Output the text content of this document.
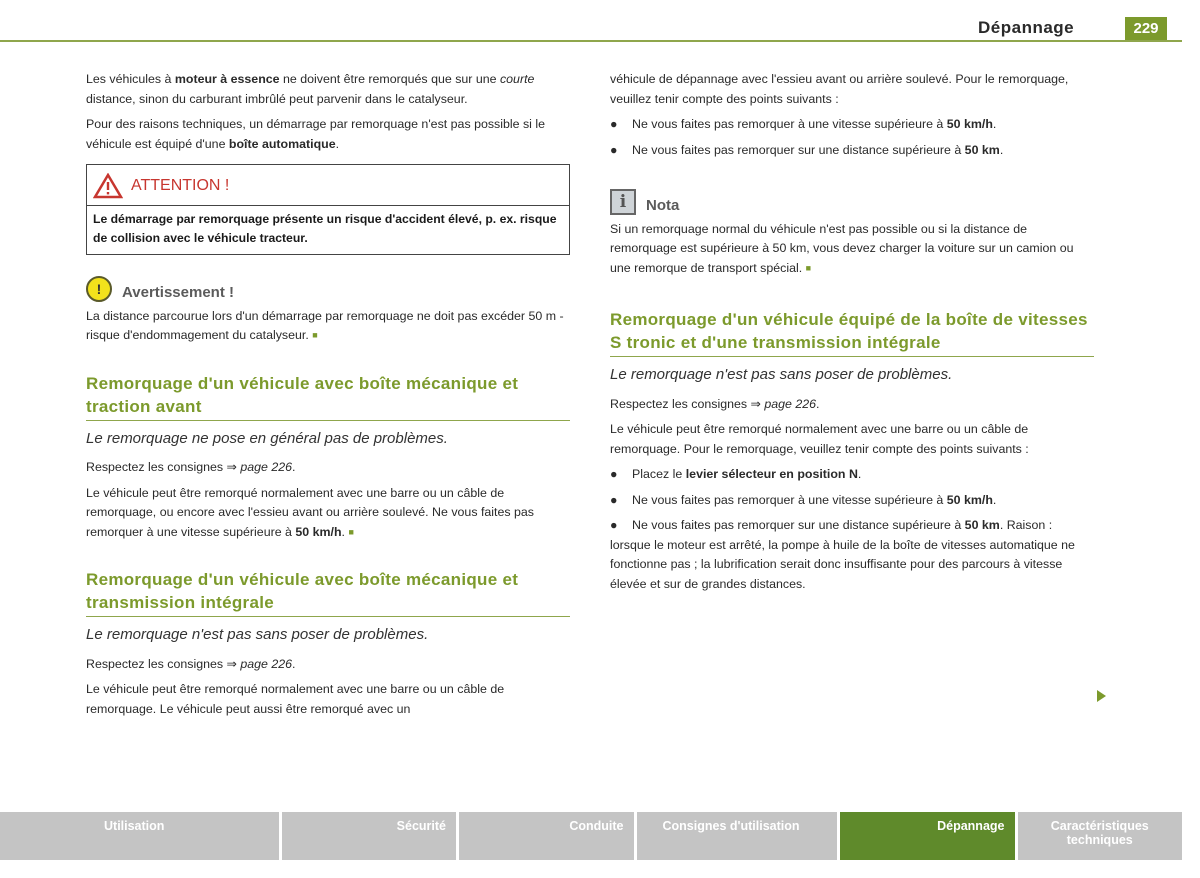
Dépannage	229

Les véhicules à moteur à essence ne doivent être remorqués que sur une courte distance, sinon du carburant imbrûlé peut parvenir dans le catalyseur.

Pour des raisons techniques, un démarrage par remorquage n'est pas possible si le véhicule est équipé d'une boîte automatique.

ATTENTION !
Le démarrage par remorquage présente un risque d'accident élevé, p. ex. risque de collision avec le véhicule tracteur.
!	Avertissement !

La distance parcourue lors d'un démarrage par remorquage ne doit pas excéder 50 m - risque d'endommagement du catalyseur. ■

Remorquage d'un véhicule avec boîte mécanique et traction avant
Le remorquage ne pose en général pas de problèmes.

Respectez les consignes ⇒ page 226.

Le véhicule peut être remorqué normalement avec une barre ou un câble de remorquage, ou encore avec l'essieu avant ou arrière soulevé. Ne vous faites pas remorquer à une vitesse supérieure à 50 km/h. ■

Remorquage d'un véhicule avec boîte mécanique et transmission intégrale
Le remorquage n'est pas sans poser de problèmes.

Respectez les consignes ⇒ page 226.

Le véhicule peut être remorqué normalement avec une barre ou un câble de remorquage. Le véhicule peut aussi être remorqué avec un

véhicule de dépannage avec l'essieu avant ou arrière soulevé. Pour le remorquage, veuillez tenir compte des points suivants :

● Ne vous faites pas remorquer à une vitesse supérieure à 50 km/h.

● Ne vous faites pas remorquer sur une distance supérieure à 50 km.

i	Nota

Si un remorquage normal du véhicule n'est pas possible ou si la distance de remorquage est supérieure à 50 km, vous devez charger la voiture sur un camion ou une remorque de transport spécial. ■

Remorquage d'un véhicule équipé de la boîte de vitesses S tronic et d'une transmission intégrale
Le remorquage n'est pas sans poser de problèmes.

Respectez les consignes ⇒ page 226.

Le véhicule peut être remorqué normalement avec une barre ou un câble de remorquage. Pour le remorquage, veuillez tenir compte des points suivants :

● Placez le levier sélecteur en position N.

● Ne vous faites pas remorquer à une vitesse supérieure à 50 km/h.

● Ne vous faites pas remorquer sur une distance supérieure à 50 km. Raison : lorsque le moteur est arrêté, la pompe à huile de la boîte de vitesses automatique ne fonctionne pas ; la lubrification serait donc insuffisante pour des parcours à vitesse élevée et sur de grandes distances.

Utilisation	Sécurité	Conduite	Consignes d'utilisation	Dépannage	Caractéristiques techniques
